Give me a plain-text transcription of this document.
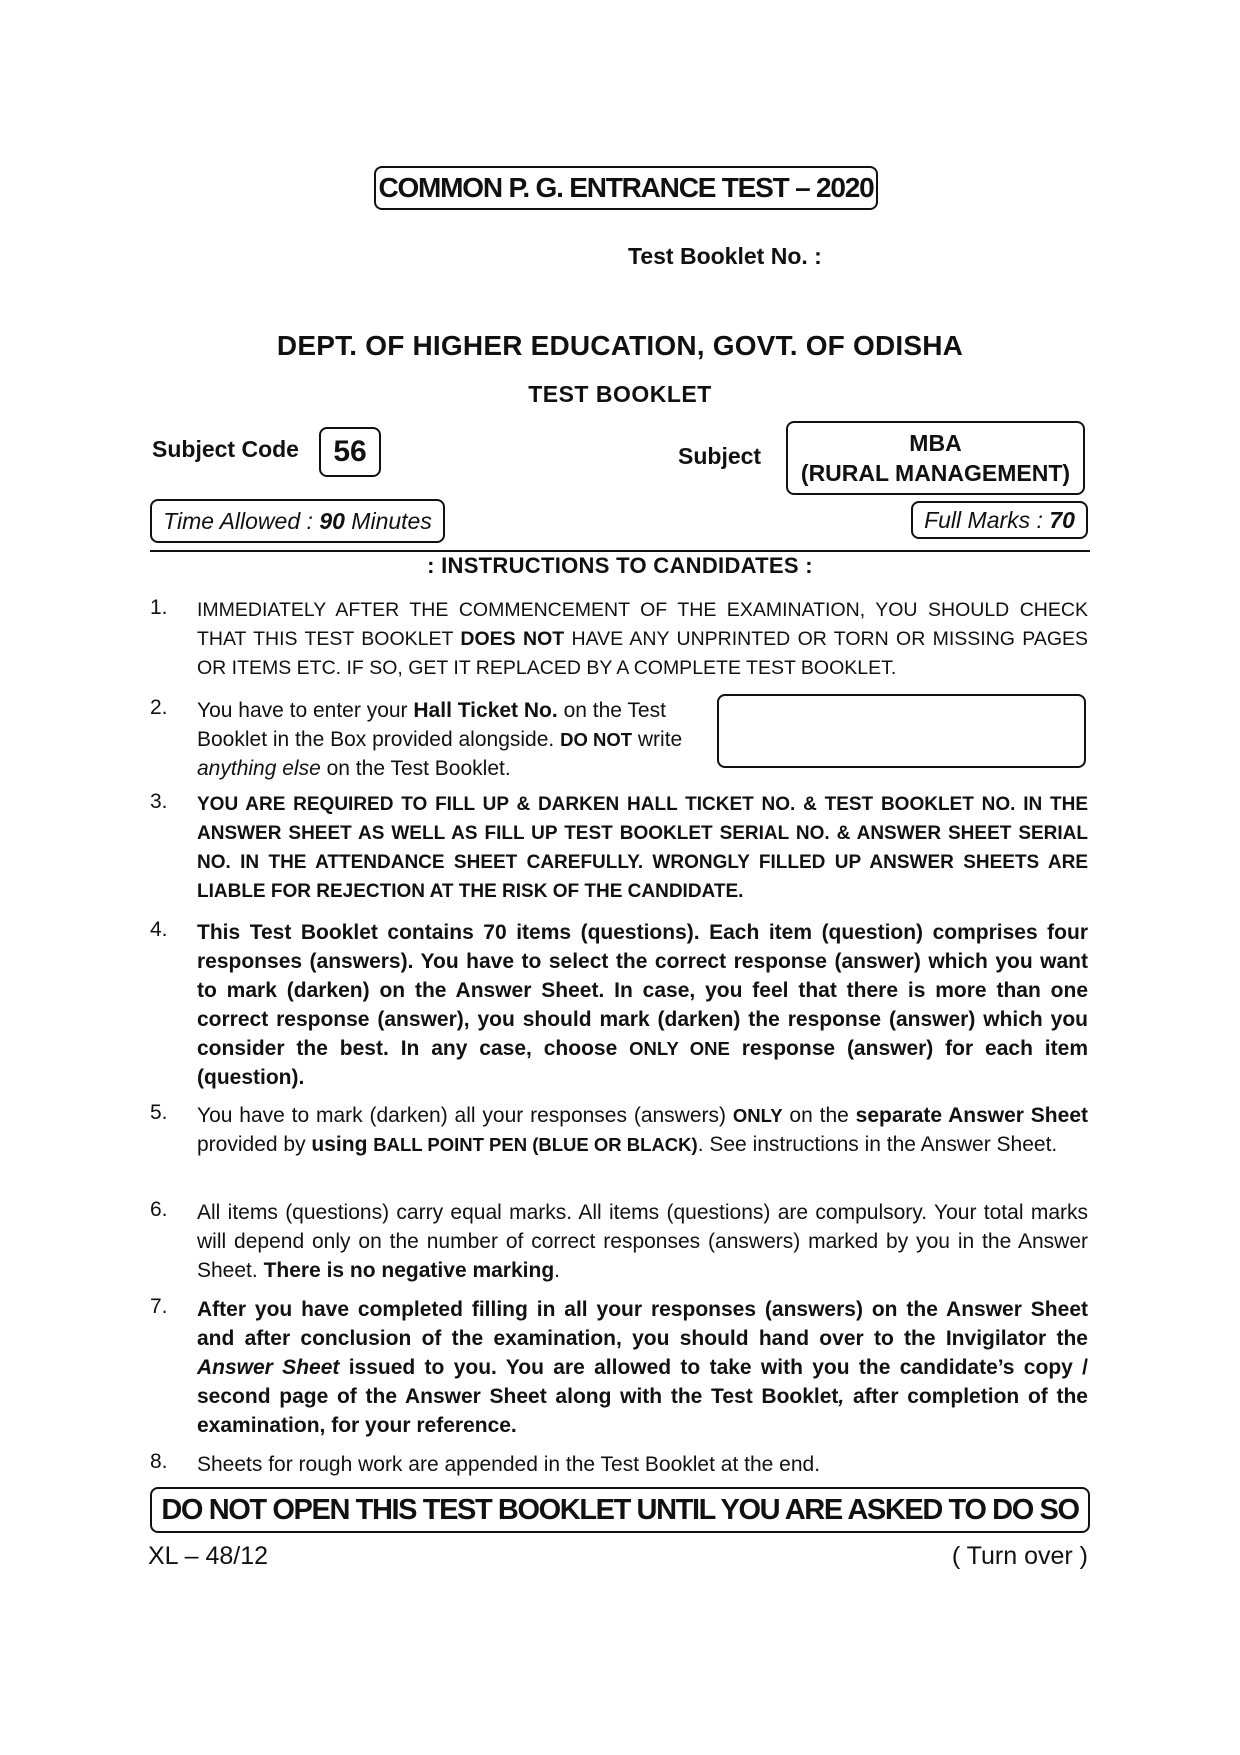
COMMON P. G. ENTRANCE TEST – 2020
Test Booklet No. :
DEPT. OF HIGHER EDUCATION, GOVT. OF ODISHA
TEST BOOKLET
Subject Code	56	Subject	MBA
(RURAL MANAGEMENT)
Time Allowed :
90
Minutes	Full Marks :
70
: INSTRUCTIONS TO CANDIDATES :
1. IMMEDIATELY AFTER THE COMMENCEMENT OF THE EXAMINATION, YOU SHOULD CHECK THAT THIS TEST BOOKLET DOES NOT HAVE ANY UNPRINTED OR TORN OR MISSING PAGES OR ITEMS ETC. IF SO, GET IT REPLACED BY A COMPLETE TEST BOOKLET.
2. You have to enter your Hall Ticket No. on the Test Booklet in the Box provided alongside. DO NOT write anything else on the Test Booklet.
3. YOU ARE REQUIRED TO FILL UP & DARKEN HALL TICKET NO. & TEST BOOKLET NO. IN THE ANSWER SHEET AS WELL AS FILL UP TEST BOOKLET SERIAL NO. & ANSWER SHEET SERIAL NO. IN THE ATTENDANCE SHEET CAREFULLY. WRONGLY FILLED UP ANSWER SHEETS ARE LIABLE FOR REJECTION AT THE RISK OF THE CANDIDATE.
4. This Test Booklet contains 70 items (questions). Each item (question) comprises four responses (answers). You have to select the correct response (answer) which you want to mark (darken) on the Answer Sheet. In case, you feel that there is more than one correct response (answer), you should mark (darken) the response (answer) which you consider the best. In any case, choose ONLY ONE response (answer) for each item (question).
5. You have to mark (darken) all your responses (answers) ONLY on the separate Answer Sheet provided by using BALL POINT PEN (BLUE OR BLACK). See instructions in the Answer Sheet.
6. All items (questions) carry equal marks. All items (questions) are compulsory. Your total marks will depend only on the number of correct responses (answers) marked by you in the Answer Sheet. There is no negative marking.
7. After you have completed filling in all your responses (answers) on the Answer Sheet and after conclusion of the examination, you should hand over to the Invigilator the Answer Sheet issued to you. You are allowed to take with you the candidate’s copy / second page of the Answer Sheet along with the Test Booklet, after completion of the examination, for your reference.
8. Sheets for rough work are appended in the Test Booklet at the end.
DO NOT OPEN THIS TEST BOOKLET UNTIL YOU ARE ASKED TO DO SO
XL – 48/12	( Turn over )
